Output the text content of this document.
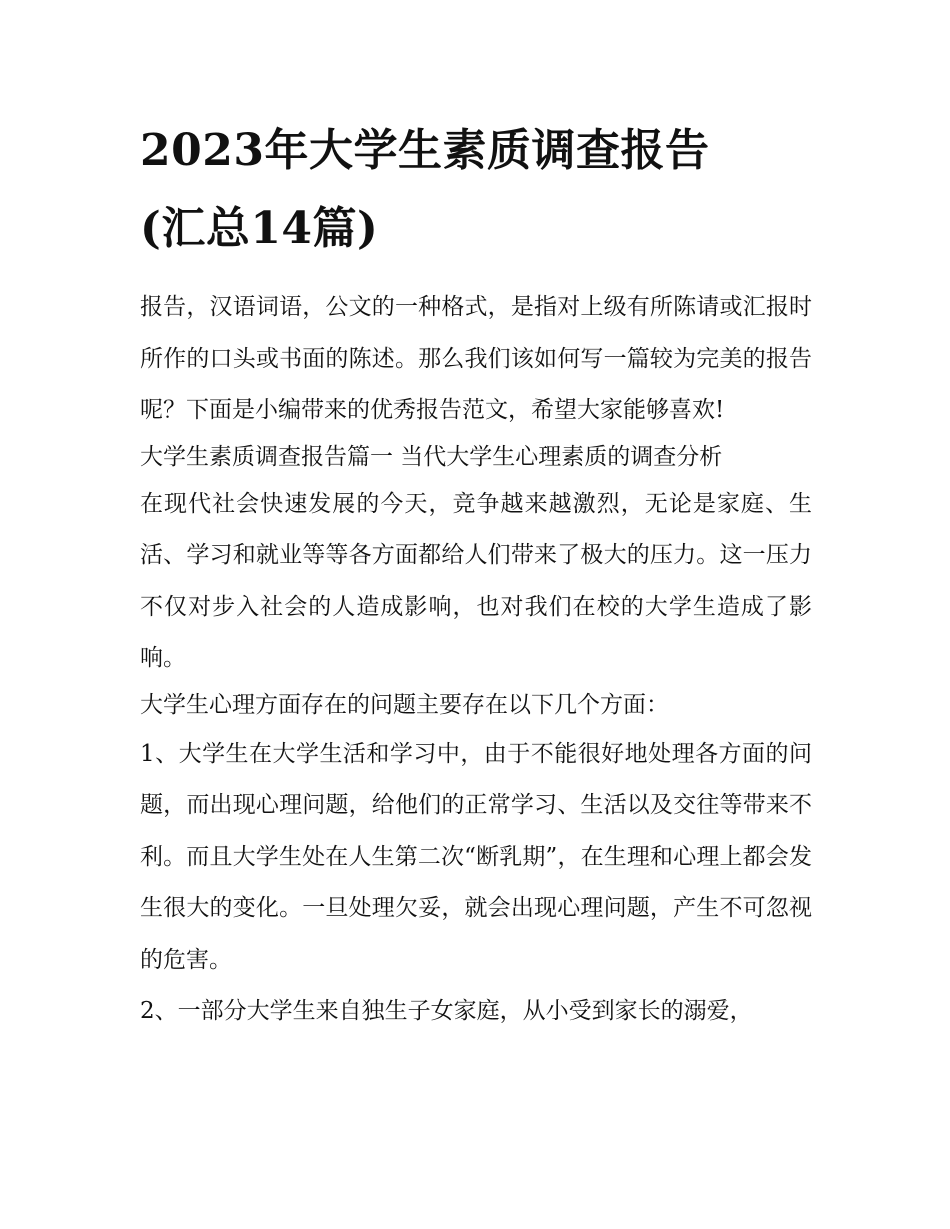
2023年大学生素质调查报告
(汇总14篇)

报告，汉语词语，公文的一种格式，是指对上级有所陈请或汇报时所作的口头或书面的陈述。那么我们该如何写一篇较为完美的报告呢？下面是小编带来的优秀报告范文，希望大家能够喜欢!

大学生素质调查报告篇一 当代大学生心理素质的调查分析

在现代社会快速发展的今天，竞争越来越激烈，无论是家庭、生活、学习和就业等等各方面都给人们带来了极大的压力。这一压力不仅对步入社会的人造成影响，也对我们在校的大学生造成了影响。

大学生心理方面存在的问题主要存在以下几个方面：

1、大学生在大学生活和学习中，由于不能很好地处理各方面的问题，而出现心理问题，给他们的正常学习、生活以及交往等带来不利。而且大学生处在人生第二次“断乳期”，在生理和心理上都会发生很大的变化。一旦处理欠妥，就会出现心理问题，产生不可忽视的危害。

2、一部分大学生来自独生子女家庭，从小受到家长的溺爱，
